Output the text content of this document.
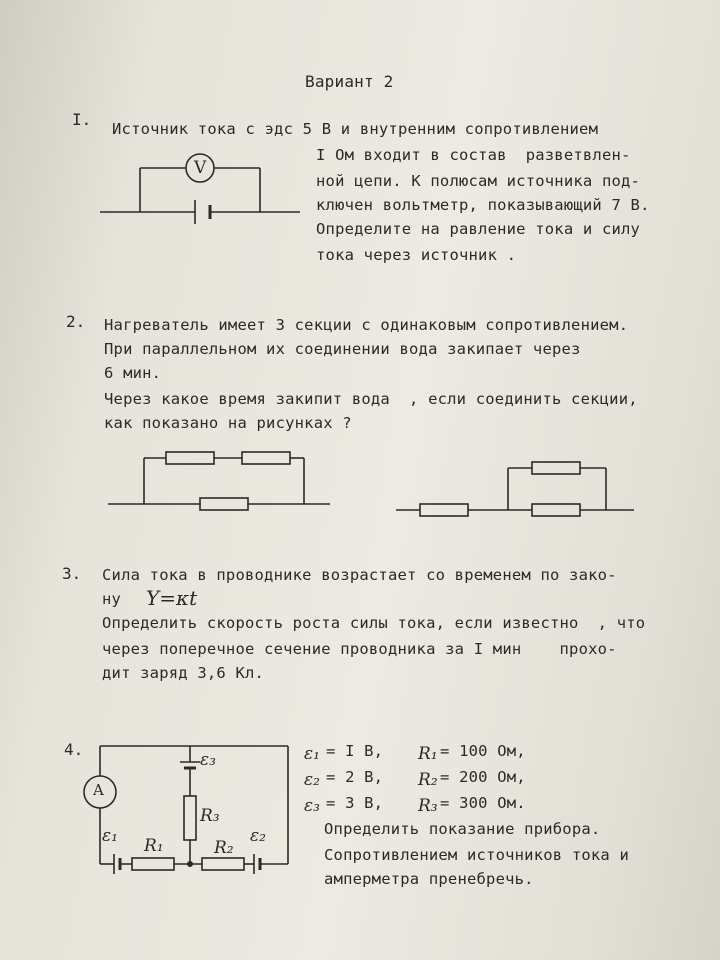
Вариант 2
I. Источник тока с эдс 5 В и внутренним сопротивлением
I Ом входит в состав  разветвлен-
ной цепи. К полюсам источника под-
ключен вольтметр, показывающий 7 В.
Определите на равление тока и силу
тока через источник .
V
2. Нагреватель имеет 3 секции с одинаковым сопротивлением.
При параллельном их соединении вода закипает через
6 мин.
Через какое время закипит вода  , если соединить секции,
как показано на рисунках ?
3. Сила тока в проводнике возрастает со временем по зако-
ну Y=κt
Определить скорость роста силы тока, если известно  , что
через поперечное сечение проводника за I мин    прохо-
дит заряд 3,6 Кл.
4.
A
ε₃
R₃
ε₁ R₁	R₂
ε₂
ε₁ = I В, R₁ = 100 Ом,
ε₂ = 2 В, R₂ = 200 Ом,
ε₃ = 3 В, R₃ = 300 Ом.
Определить показание прибора.
Сопротивлением источников тока и
амперметра пренебречь.
